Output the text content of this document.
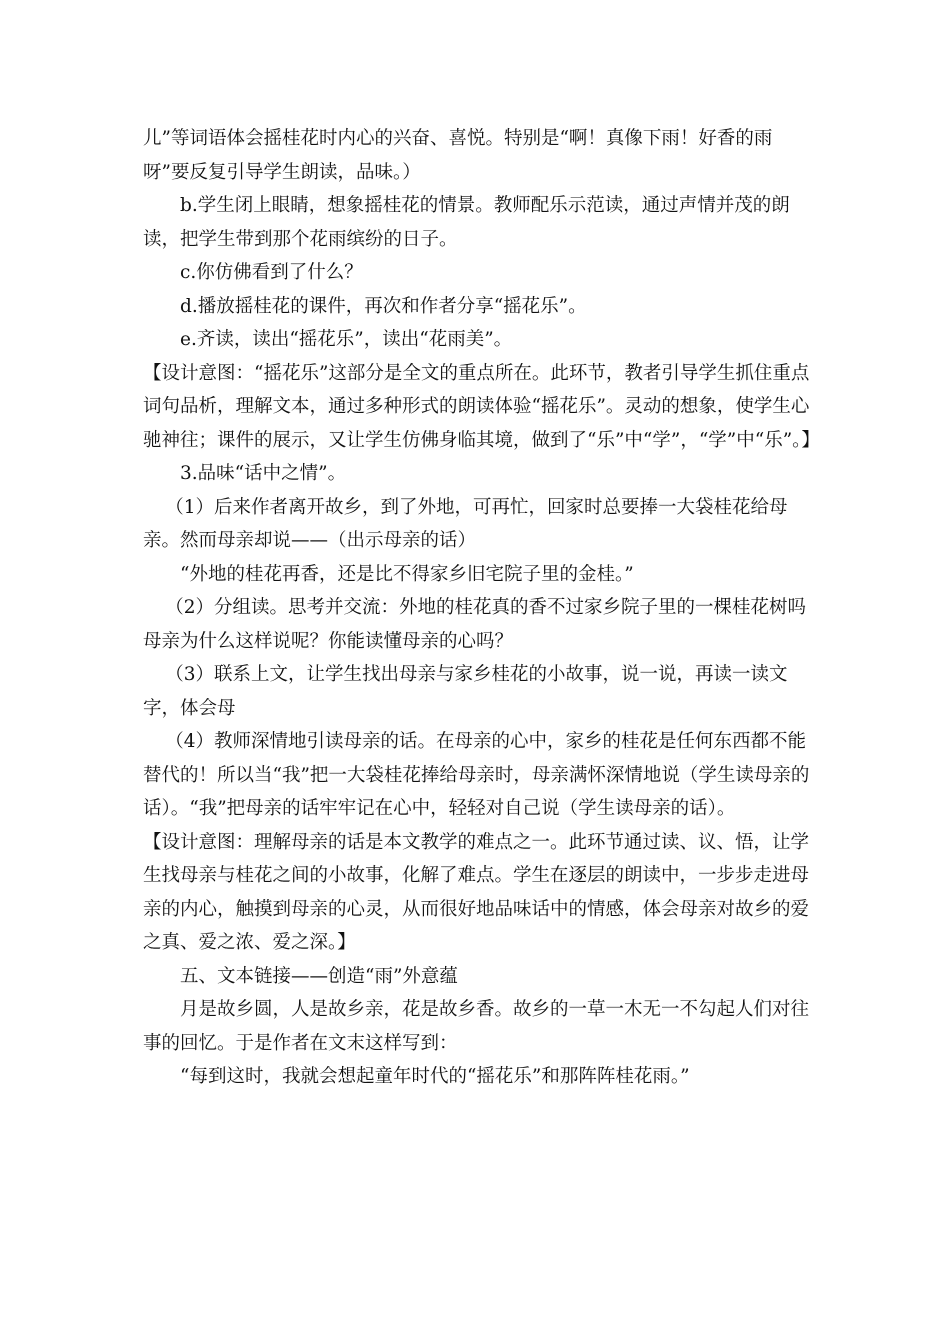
儿”等词语体会摇桂花时内心的兴奋、喜悦。特别是“啊！真像下雨！好香的雨呀”要反复引导学生朗读，品味。）

b.学生闭上眼睛，想象摇桂花的情景。教师配乐示范读，通过声情并茂的朗读，把学生带到那个花雨缤纷的日子。

c.你仿佛看到了什么？

d.播放摇桂花的课件，再次和作者分享“摇花乐”。

e.齐读，读出“摇花乐”，读出“花雨美”。

【设计意图：“摇花乐”这部分是全文的重点所在。此环节，教者引导学生抓住重点词句品析，理解文本，通过多种形式的朗读体验“摇花乐”。灵动的想象，使学生心驰神往；课件的展示，又让学生仿佛身临其境，做到了“乐”中“学”，“学”中“乐”。】

3.品味“话中之情”。

（1）后来作者离开故乡，到了外地，可再忙，回家时总要捧一大袋桂花给母亲。然而母亲却说——（出示母亲的话）

“外地的桂花再香，还是比不得家乡旧宅院子里的金桂。”

（2）分组读。思考并交流：外地的桂花真的香不过家乡院子里的一棵桂花树吗母亲为什么这样说呢？你能读懂母亲的心吗？

（3）联系上文，让学生找出母亲与家乡桂花的小故事，说一说，再读一读文字，体会母

（4）教师深情地引读母亲的话。在母亲的心中，家乡的桂花是任何东西都不能替代的！所以当“我”把一大袋桂花捧给母亲时，母亲满怀深情地说（学生读母亲的话）。“我”把母亲的话牢牢记在心中，轻轻对自己说（学生读母亲的话）。

【设计意图：理解母亲的话是本文教学的难点之一。此环节通过读、议、悟，让学生找母亲与桂花之间的小故事，化解了难点。学生在逐层的朗读中，一步步走进母亲的内心，触摸到母亲的心灵，从而很好地品味话中的情感，体会母亲对故乡的爱之真、爱之浓、爱之深。】

五、文本链接——创造“雨”外意蕴

月是故乡圆，人是故乡亲，花是故乡香。故乡的一草一木无一不勾起人们对往事的回忆。于是作者在文末这样写到：

“每到这时，我就会想起童年时代的“摇花乐”和那阵阵桂花雨。”
